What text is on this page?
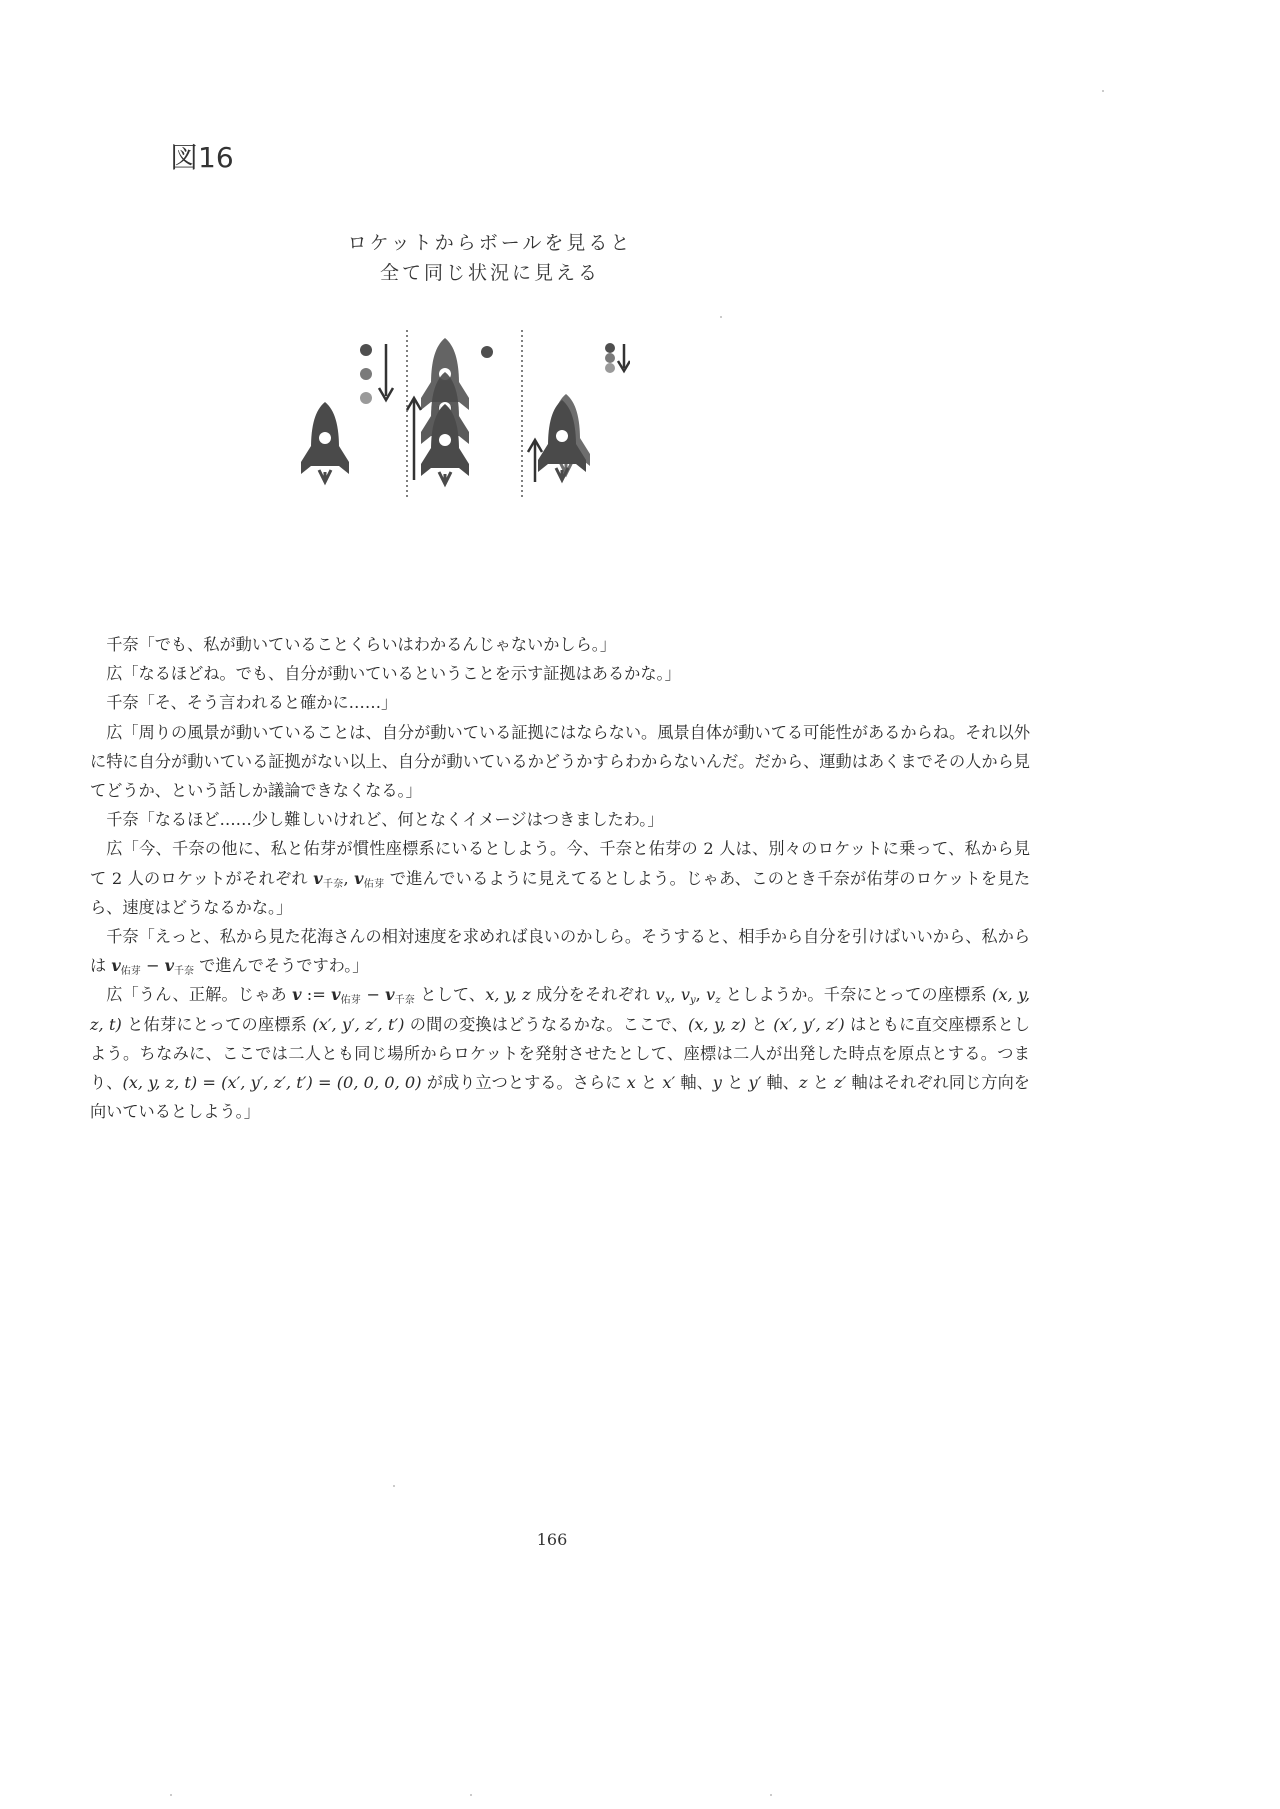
図16
ロケットからボールを見ると
全て同じ状況に見える

千奈「でも、私が動いていることくらいはわかるんじゃないかしら。」

広「なるほどね。でも、自分が動いているということを示す証拠はあるかな。」

千奈「そ、そう言われると確かに……」

広「周りの風景が動いていることは、自分が動いている証拠にはならない。風景自体が動いてる可能性があるからね。それ以外に特に自分が動いている証拠がない以上、自分が動いているかどうかすらわからないんだ。だから、運動はあくまでその人から見てどうか、という話しか議論できなくなる。」

千奈「なるほど……少し難しいけれど、何となくイメージはつきましたわ。」

広「今、千奈の他に、私と佑芽が慣性座標系にいるとしよう。今、千奈と佑芽の 2 人は、別々のロケットに乗って、私から見て 2 人のロケットがそれぞれ $v_{千奈}$, $v_{佑芽}$ で進んでいるように見えてるとしよう。じゃあ、このとき千奈が佑芽のロケットを見たら、速度はどうなるかな。」

千奈「えっと、私から見た花海さんの相対速度を求めれば良いのかしら。そうすると、相手から自分を引けばいいから、私からは $v_{佑芽} - v_{千奈}$ で進んでそうですわ。」

広「うん、正解。じゃあ v := $v_{佑芽} - v_{千奈}$ として、x, y, z 成分をそれぞれ $v_x$, $v_y$, $v_z$ としようか。千奈にとっての座標系 (x, y, z, t) と佑芽にとっての座標系 (x′, y′, z′, t′) の間の変換はどうなるかな。ここで、(x, y, z) と (x′, y′, z′) はともに直交座標系としよう。ちなみに、ここでは二人とも同じ場所からロケットを発射させたとして、座標は二人が出発した時点を原点とする。つまり、(x, y, z, t) = (x′, y′, z′, t′) = (0, 0, 0, 0) が成り立つとする。さらに x と x′ 軸、y と y′ 軸、z と z′ 軸はそれぞれ同じ方向を向いているとしよう。」

166
